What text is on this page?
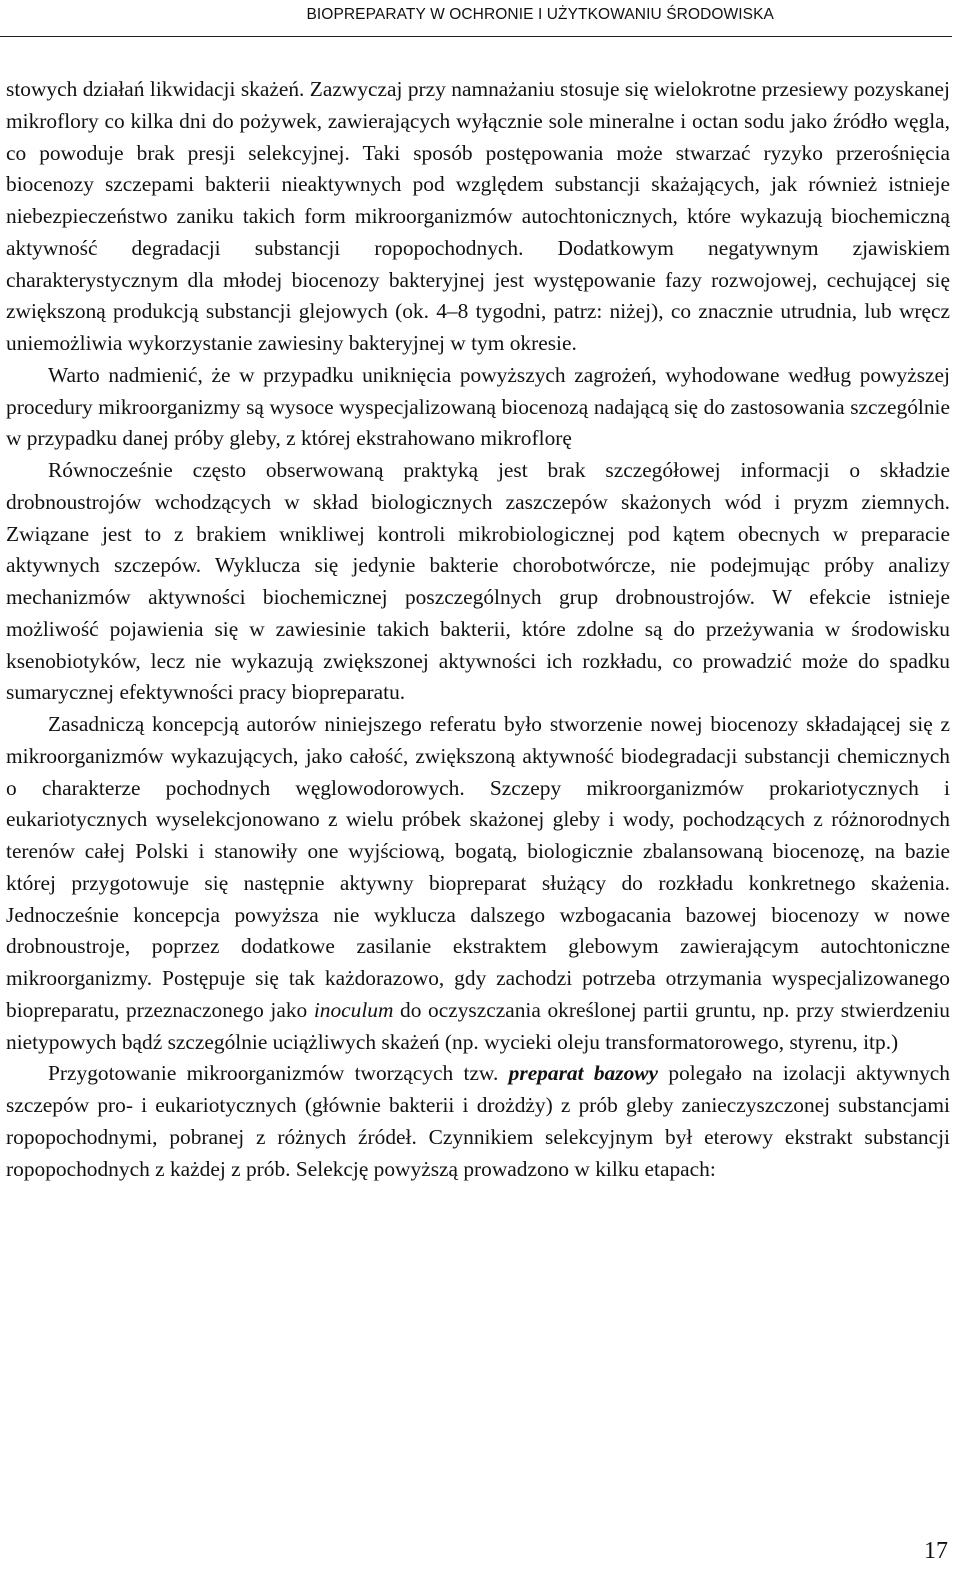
BIOPREPARATY W OCHRONIE I UŻYTKOWANIU ŚRODOWISKA

stowych działań likwidacji skażeń. Zazwyczaj przy namnażaniu stosuje się wielokrotne przesiewy pozyskanej mikroflory co kilka dni do pożywek, zawierających wyłącznie sole mineralne i octan sodu jako źródło węgla, co powoduje brak presji selekcyjnej. Taki sposób postępowania może stwarzać ryzyko przerośnięcia biocenozy szczepami bakterii nieaktywnych pod względem substancji skażających, jak również istnieje niebezpieczeństwo zaniku takich form mikroorganizmów autochtonicznych, które wykazują biochemiczną aktywność degradacji substancji ropopochodnych. Dodatkowym negatywnym zjawiskiem charakterystycznym dla młodej biocenozy bakteryjnej jest występowanie fazy rozwojowej, cechującej się zwiększoną produkcją substancji glejowych (ok. 4–8 tygodni, patrz: niżej), co znacznie utrudnia, lub wręcz uniemożliwia wykorzystanie zawiesiny bakteryjnej w tym okresie.

Warto nadmienić, że w przypadku uniknięcia powyższych zagrożeń, wyhodowane według powyższej procedury mikroorganizmy są wysoce wyspecjalizowaną biocenozą nadającą się do zastosowania szczególnie w przypadku danej próby gleby, z której ekstrahowano mikroflorę

Równocześnie często obserwowaną praktyką jest brak szczegółowej informacji o składzie drobnoustrojów wchodzących w skład biologicznych zaszczepów skażonych wód i pryzm ziemnych. Związane jest to z brakiem wnikliwej kontroli mikrobiologicznej pod kątem obecnych w preparacie aktywnych szczepów. Wyklucza się jedynie bakterie chorobotwórcze, nie podejmując próby analizy mechanizmów aktywności biochemicznej poszczególnych grup drobnoustrojów. W efekcie istnieje możliwość pojawienia się w zawiesinie takich bakterii, które zdolne są do przeżywania w środowisku ksenobiotyków, lecz nie wykazują zwiększonej aktywności ich rozkładu, co prowadzić może do spadku sumarycznej efektywności pracy biopreparatu.

Zasadniczą koncepcją autorów niniejszego referatu było stworzenie nowej biocenozy składającej się z mikroorganizmów wykazujących, jako całość, zwiększoną aktywność biodegradacji substancji chemicznych o charakterze pochodnych węglowodorowych. Szczepy mikroorganizmów prokariotycznych i eukariotycznych wyselekcjonowano z wielu próbek skażonej gleby i wody, pochodzących z różnorodnych terenów całej Polski i stanowiły one wyjściową, bogatą, biologicznie zbalansowaną biocenozę, na bazie której przygotowuje się następnie aktywny biopreparat służący do rozkładu konkretnego skażenia. Jednocześnie koncepcja powyższa nie wyklucza dalszego wzbogacania bazowej biocenozy w nowe drobnoustroje, poprzez dodatkowe zasilanie ekstraktem glebowym zawierającym autochtoniczne mikroorganizmy. Postępuje się tak każdorazowo, gdy zachodzi potrzeba otrzymania wyspecjalizowanego biopreparatu, przeznaczonego jako inoculum do oczyszczania określonej partii gruntu, np. przy stwierdzeniu nietypowych bądź szczególnie uciążliwych skażeń (np. wycieki oleju transformatorowego, styrenu, itp.)

Przygotowanie mikroorganizmów tworzących tzw. preparat bazowy polegało na izolacji aktywnych szczepów pro- i eukariotycznych (głównie bakterii i drożdży) z prób gleby zanieczyszczonej substancjami ropopochodnymi, pobranej z różnych źródeł. Czynnikiem selekcyjnym był eterowy ekstrakt substancji ropopochodnych z każdej z prób. Selekcję powyższą prowadzono w kilku etapach:

17
